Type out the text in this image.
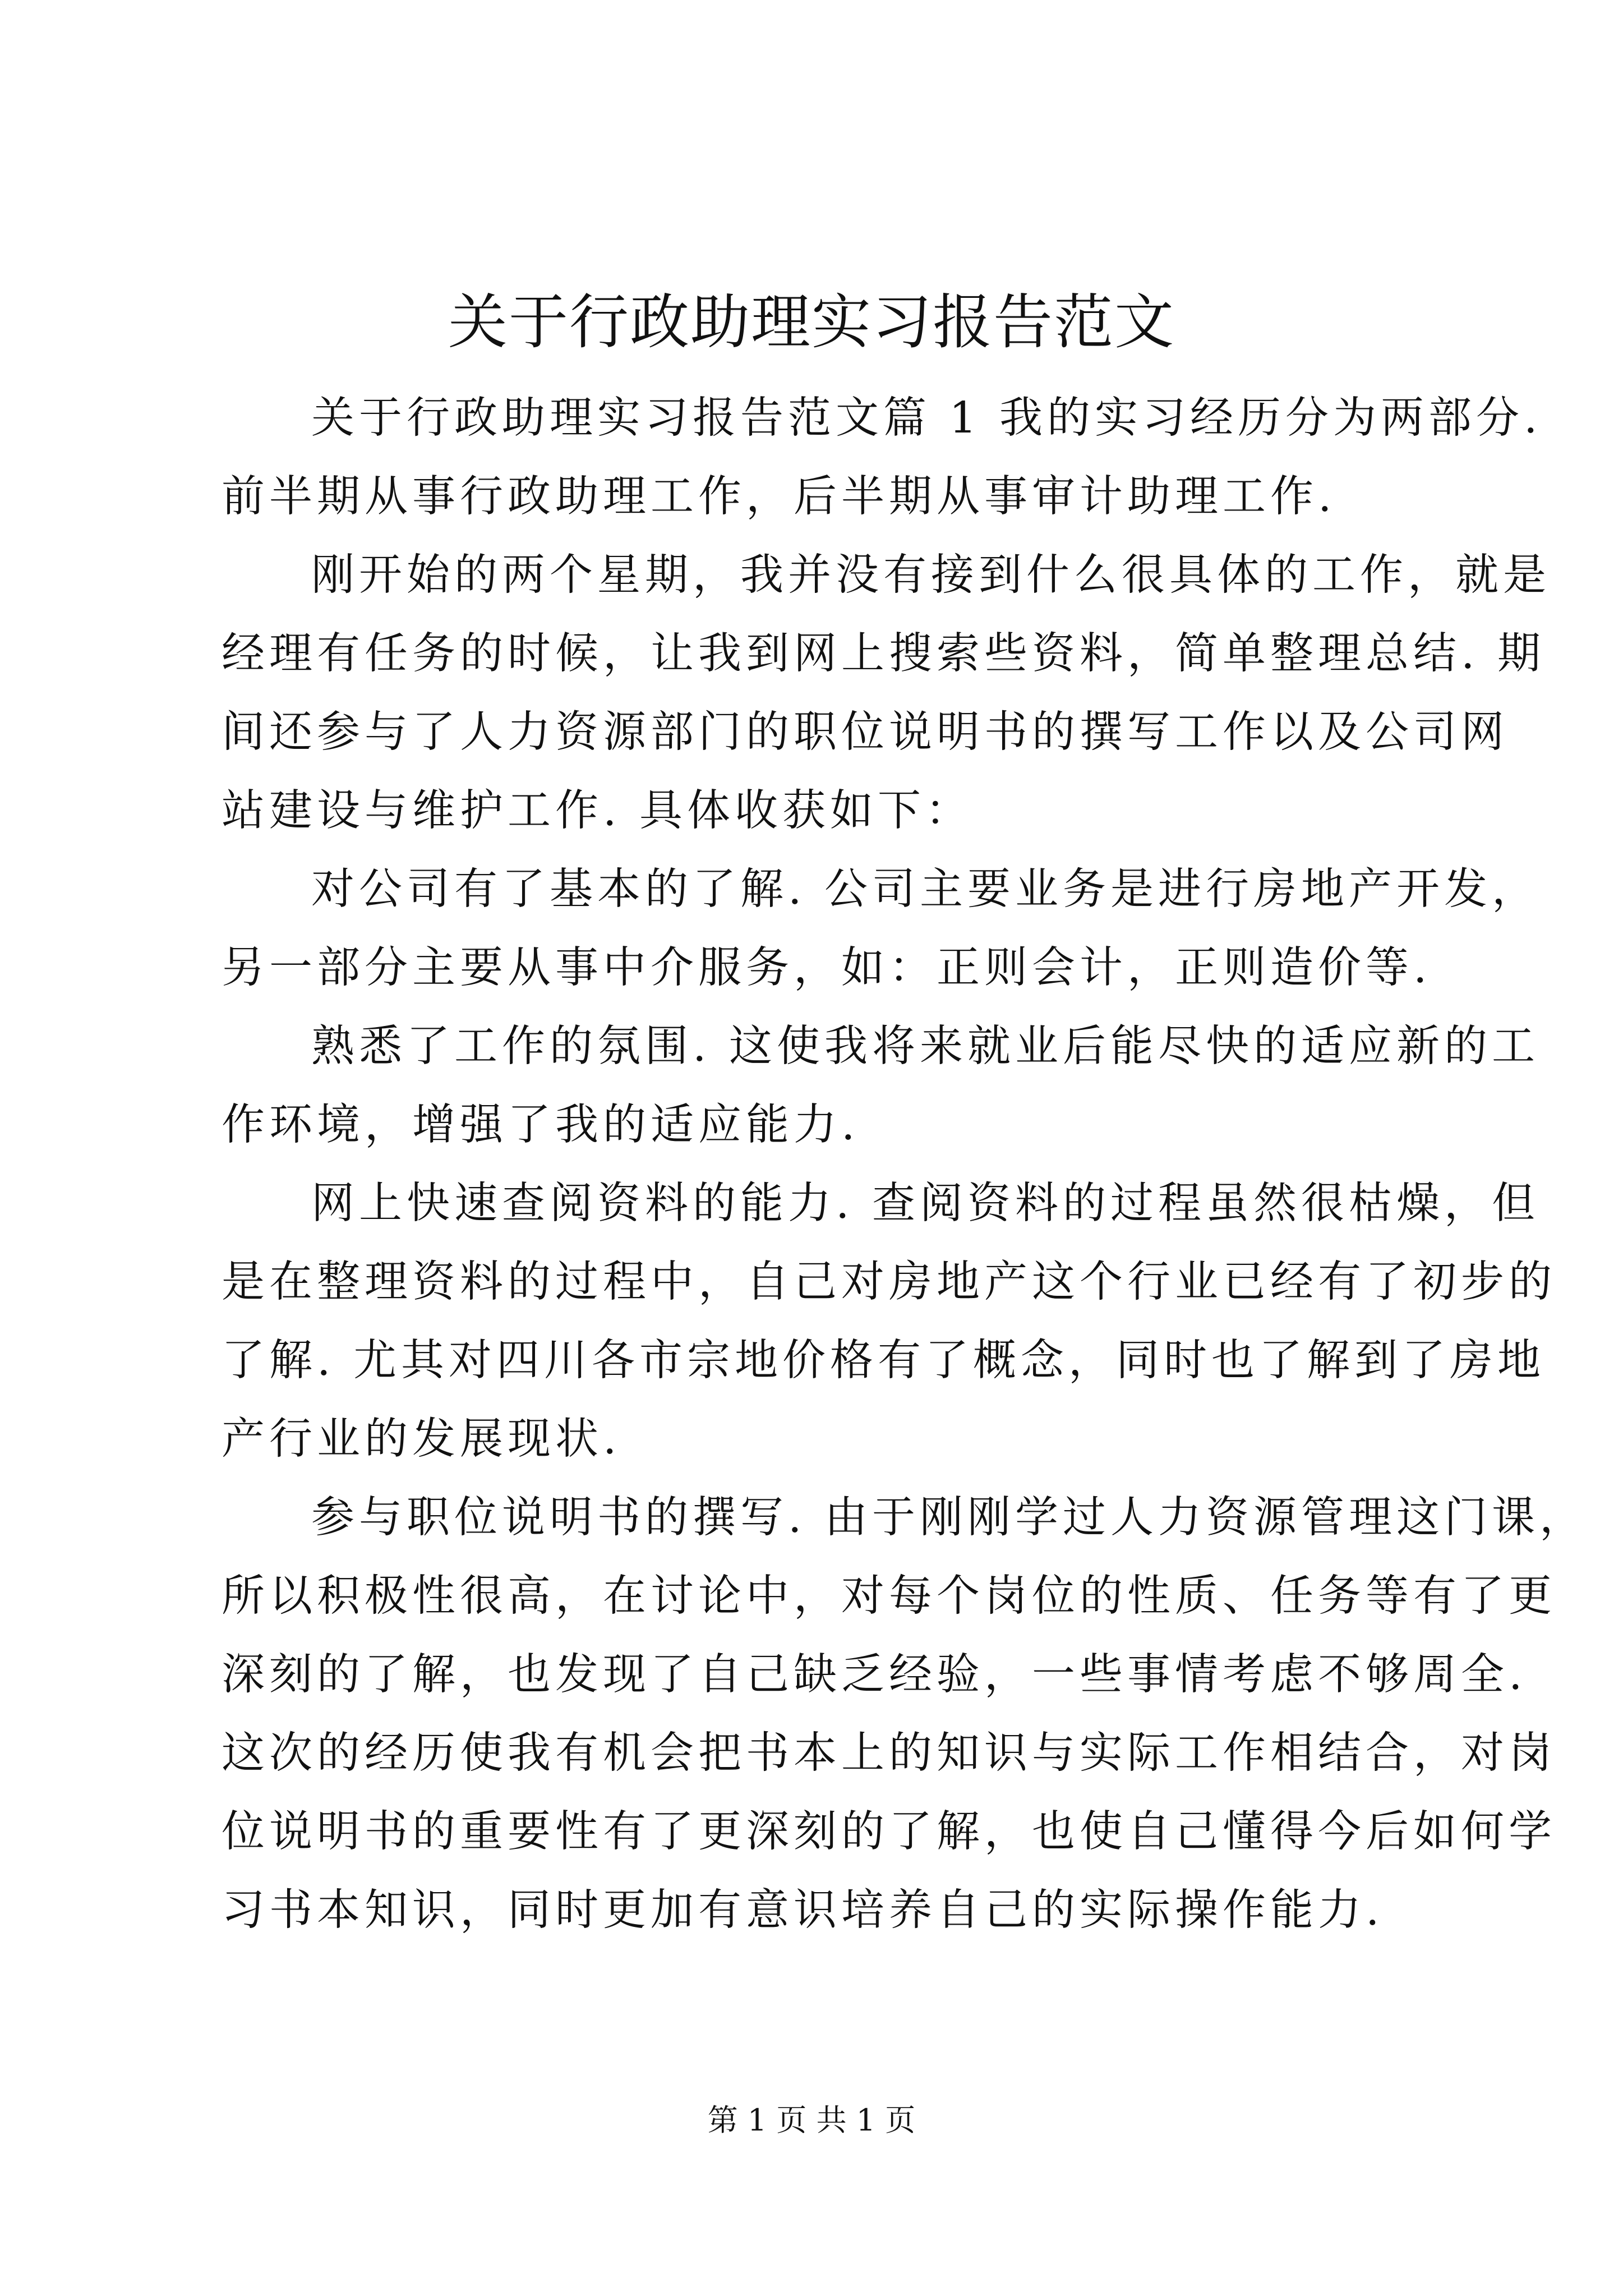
关于行政助理实习报告范文
关于行政助理实习报告范文篇 1 我的实习经历分为两部分.
前半期从事行政助理工作，后半期从事审计助理工作.
刚开始的两个星期，我并没有接到什么很具体的工作，就是
经理有任务的时候，让我到网上搜索些资料，简单整理总结. 期
间还参与了人力资源部门的职位说明书的撰写工作以及公司网
站建设与维护工作. 具体收获如下：
对公司有了基本的了解. 公司主要业务是进行房地产开发，
另一部分主要从事中介服务，如：正则会计，正则造价等.
熟悉了工作的氛围. 这使我将来就业后能尽快的适应新的工
作环境，增强了我的适应能力.
网上快速查阅资料的能力. 查阅资料的过程虽然很枯燥，但
是在整理资料的过程中，自己对房地产这个行业已经有了初步的
了解. 尤其对四川各市宗地价格有了概念，同时也了解到了房地
产行业的发展现状.
参与职位说明书的撰写. 由于刚刚学过人力资源管理这门课，
所以积极性很高，在讨论中，对每个岗位的性质、任务等有了更
深刻的了解，也发现了自己缺乏经验，一些事情考虑不够周全.
这次的经历使我有机会把书本上的知识与实际工作相结合，对岗
位说明书的重要性有了更深刻的了解，也使自己懂得今后如何学
习书本知识，同时更加有意识培养自己的实际操作能力.
第 1 页 共 1 页
